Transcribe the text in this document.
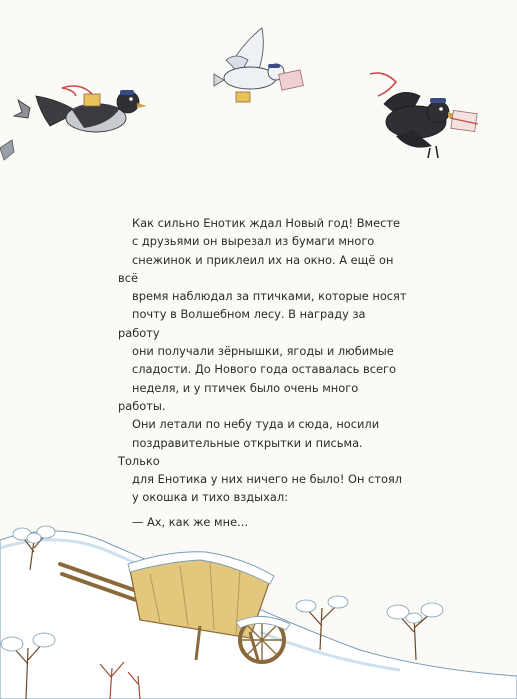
Как сильно Енотик ждал Новый год! Вместе
с друзьями он вырезал из бумаги много
снежинок и приклеил их на окно. А ещё он всё
время наблюдал за птичками, которые носят
почту в Волшебном лесу. В награду за работу
они получали зёрнышки, ягоды и любимые
сладости. До Нового года оставалась всего
неделя, и у птичек было очень много работы.
Они летали по небу туда и сюда, носили
поздравительные открытки и письма. Только
для Енотика у них ничего не было! Он стоял
у окошка и тихо вздыхал:

— Ах, как же мне...
